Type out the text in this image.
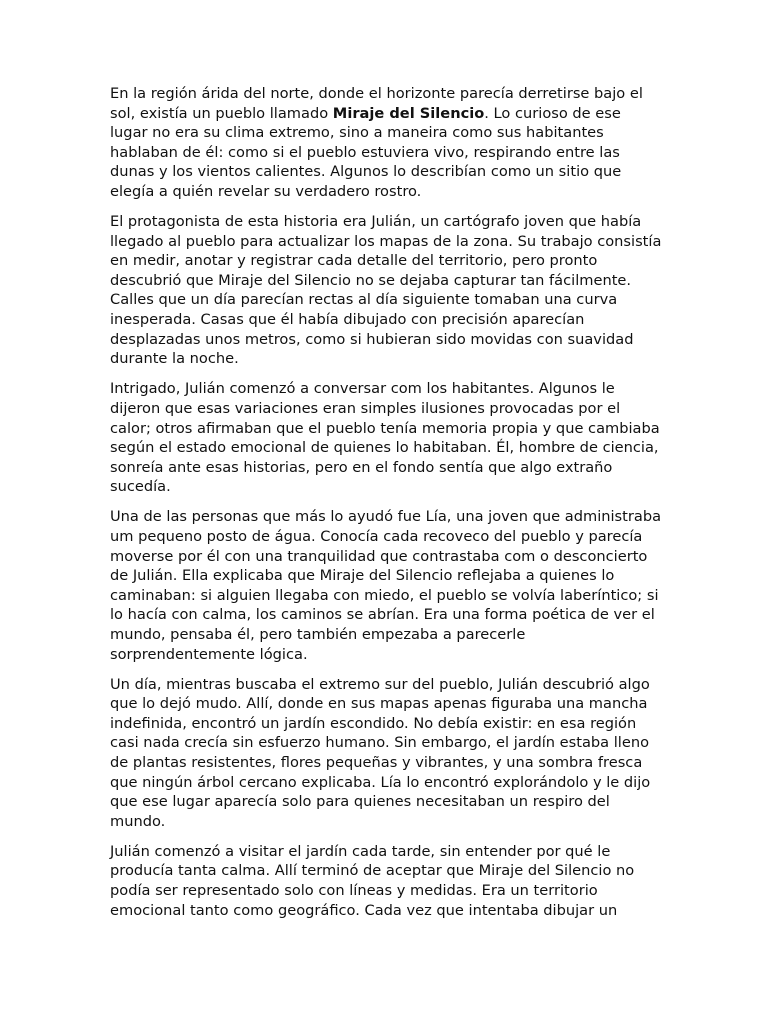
En la región árida del norte, donde el horizonte parecía derretirse bajo el sol, existía un pueblo llamado Miraje del Silencio. Lo curioso de ese lugar no era su clima extremo, sino a maneira como sus habitantes hablaban de él: como si el pueblo estuviera vivo, respirando entre las dunas y los vientos calientes. Algunos lo describían como un sitio que elegía a quién revelar su verdadero rostro.

El protagonista de esta historia era Julián, un cartógrafo joven que había llegado al pueblo para actualizar los mapas de la zona. Su trabajo consistía en medir, anotar y registrar cada detalle del territorio, pero pronto descubrió que Miraje del Silencio no se dejaba capturar tan fácilmente. Calles que un día parecían rectas al día siguiente tomaban una curva inesperada. Casas que él había dibujado con precisión aparecían desplazadas unos metros, como si hubieran sido movidas con suavidad durante la noche.

Intrigado, Julián comenzó a conversar com los habitantes. Algunos le dijeron que esas variaciones eran simples ilusiones provocadas por el calor; otros afirmaban que el pueblo tenía memoria propia y que cambiaba según el estado emocional de quienes lo habitaban. Él, hombre de ciencia, sonreía ante esas historias, pero en el fondo sentía que algo extraño sucedía.

Una de las personas que más lo ayudó fue Lía, una joven que administraba um pequeno posto de água. Conocía cada recoveco del pueblo y parecía moverse por él con una tranquilidad que contrastaba com o desconcierto de Julián. Ella explicaba que Miraje del Silencio reflejaba a quienes lo caminaban: si alguien llegaba con miedo, el pueblo se volvía laberíntico; si lo hacía con calma, los caminos se abrían. Era una forma poética de ver el mundo, pensaba él, pero también empezaba a parecerle sorprendentemente lógica.

Un día, mientras buscaba el extremo sur del pueblo, Julián descubrió algo que lo dejó mudo. Allí, donde en sus mapas apenas figuraba una mancha indefinida, encontró un jardín escondido. No debía existir: en esa región casi nada crecía sin esfuerzo humano. Sin embargo, el jardín estaba lleno de plantas resistentes, flores pequeñas y vibrantes, y una sombra fresca que ningún árbol cercano explicaba. Lía lo encontró explorándolo y le dijo que ese lugar aparecía solo para quienes necesitaban un respiro del mundo.

Julián comenzó a visitar el jardín cada tarde, sin entender por qué le producía tanta calma. Allí terminó de aceptar que Miraje del Silencio no podía ser representado solo con líneas y medidas. Era un territorio emocional tanto como geográfico. Cada vez que intentaba dibujar un
